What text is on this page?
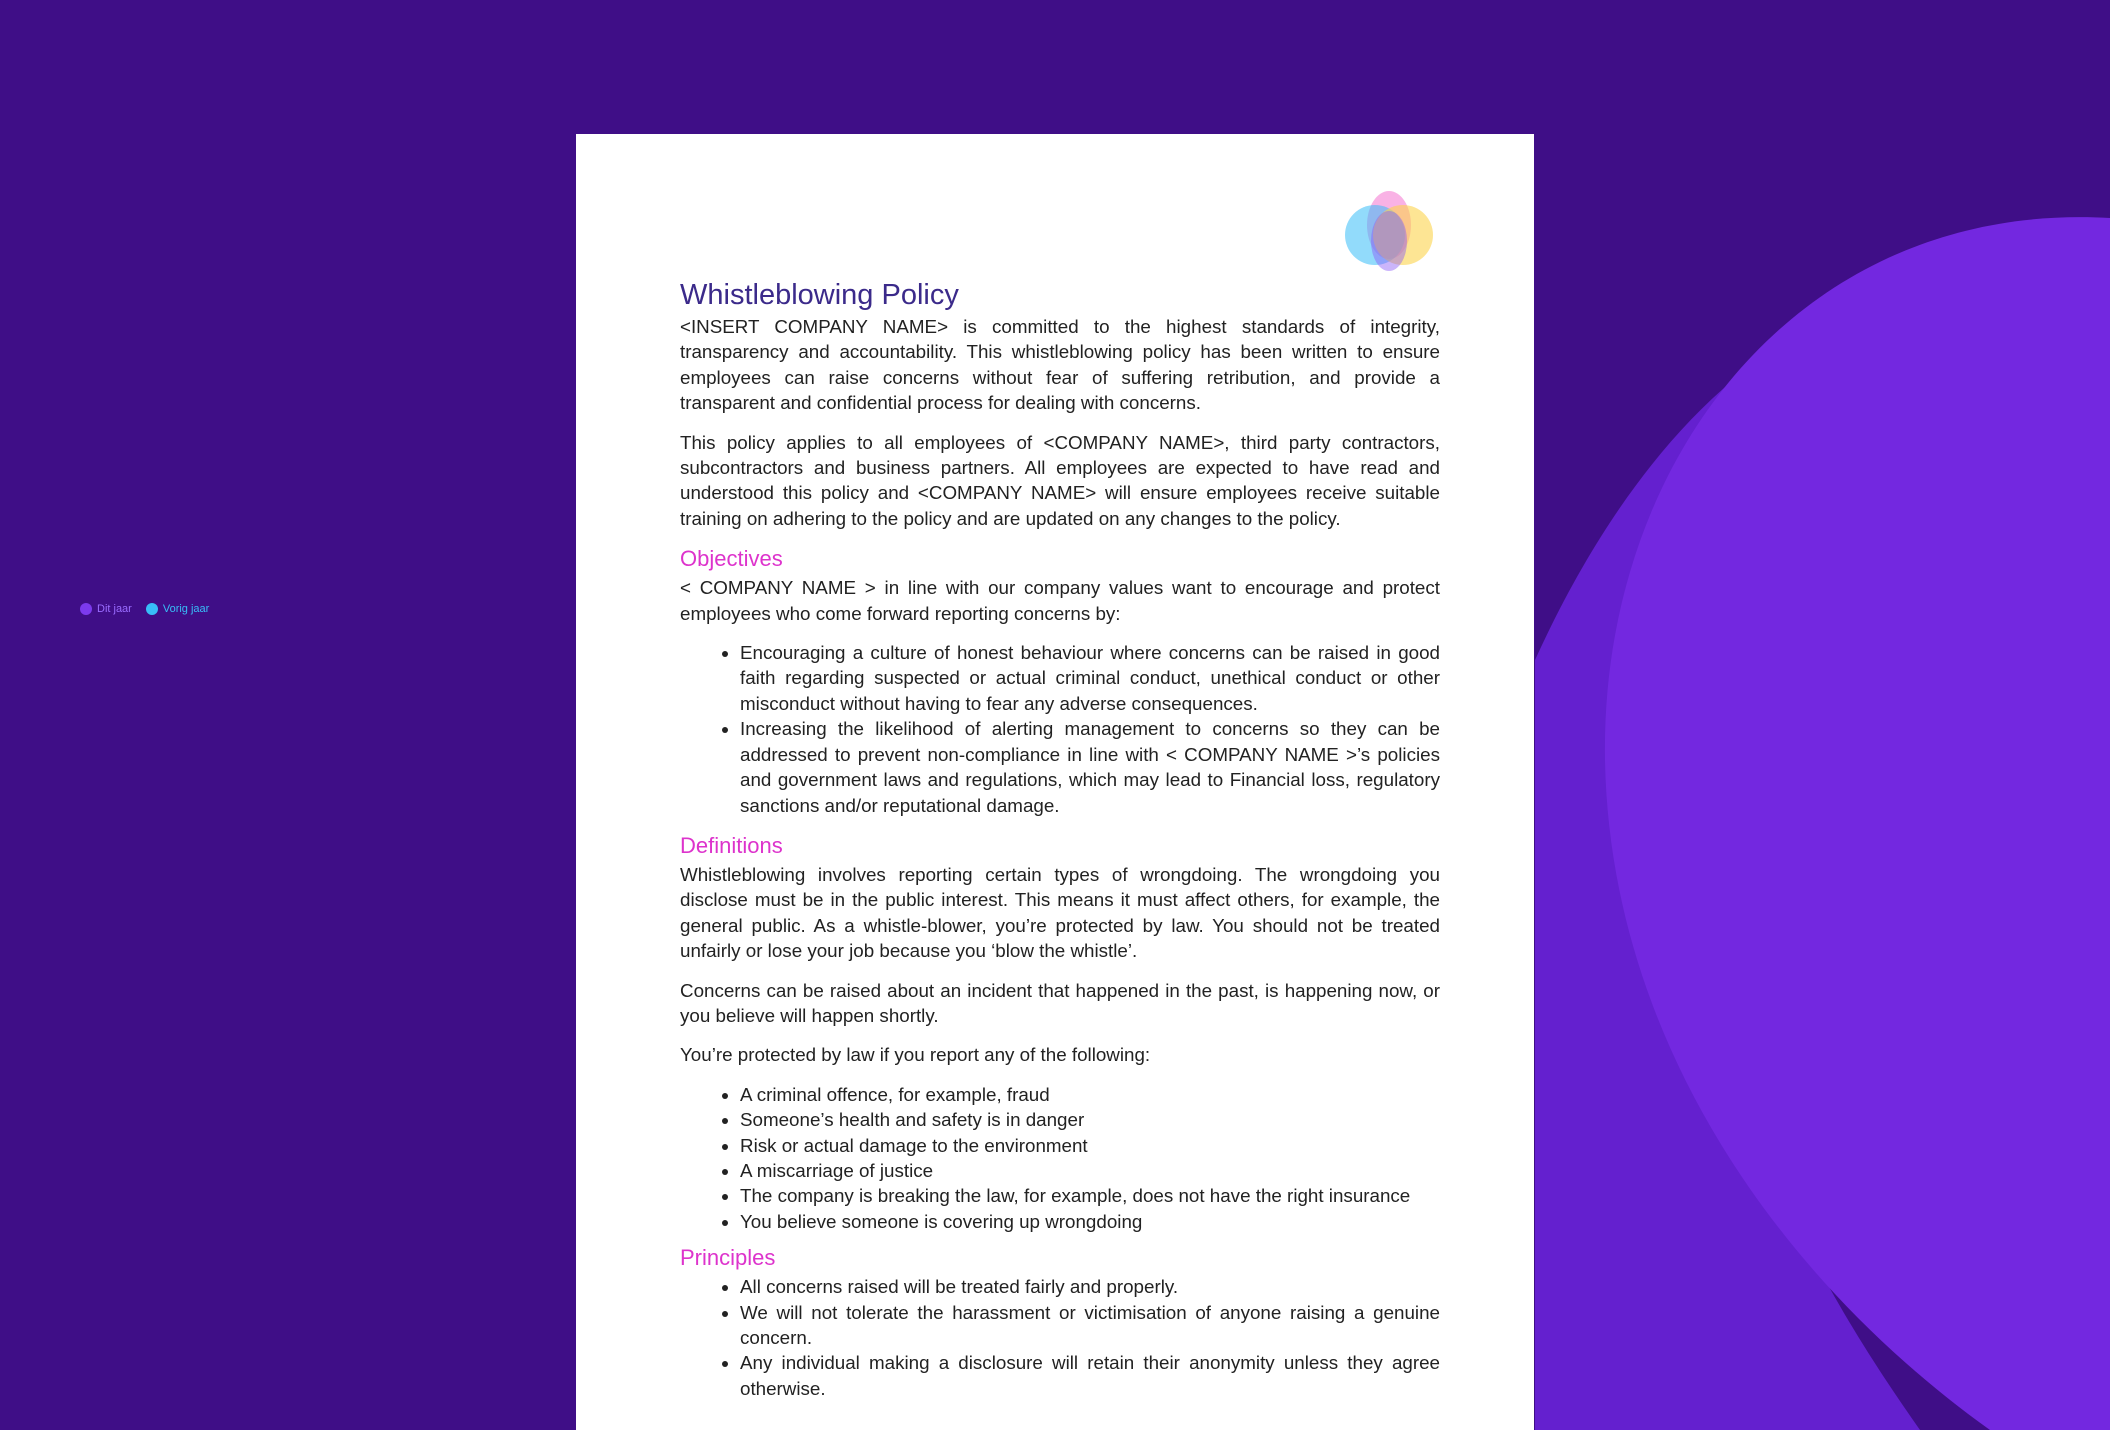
Dit jaar	Vorig jaar
Whistleblowing Policy

<INSERT COMPANY NAME> is committed to the highest standards of integrity, transparency and accountability. This whistleblowing policy has been written to ensure employees can raise concerns without fear of suffering retribution, and provide a transparent and confidential process for dealing with concerns.

This policy applies to all employees of <COMPANY NAME>, third party contractors, subcontractors and business partners. All employees are expected to have read and understood this policy and <COMPANY NAME> will ensure employees receive suitable training on adhering to the policy and are updated on any changes to the policy.

Objectives

< COMPANY NAME > in line with our company values want to encourage and protect employees who come forward reporting concerns by:

• Encouraging a culture of honest behaviour where concerns can be raised in good faith regarding suspected or actual criminal conduct, unethical conduct or other misconduct without having to fear any adverse consequences.
• Increasing the likelihood of alerting management to concerns so they can be addressed to prevent non-compliance in line with < COMPANY NAME >’s policies and government laws and regulations, which may lead to Financial loss, regulatory sanctions and/or reputational damage.
Definitions

Whistleblowing involves reporting certain types of wrongdoing. The wrongdoing you disclose must be in the public interest. This means it must affect others, for example, the general public. As a whistle-blower, you’re protected by law. You should not be treated unfairly or lose your job because you ‘blow the whistle’.

Concerns can be raised about an incident that happened in the past, is happening now, or you believe will happen shortly.

You’re protected by law if you report any of the following:

• A criminal offence, for example, fraud
• Someone’s health and safety is in danger
• Risk or actual damage to the environment
• A miscarriage of justice
• The company is breaking the law, for example, does not have the right insurance
• You believe someone is covering up wrongdoing
Principles
• All concerns raised will be treated fairly and properly.
• We will not tolerate the harassment or victimisation of anyone raising a genuine concern.
• Any individual making a disclosure will retain their anonymity unless they agree otherwise.
